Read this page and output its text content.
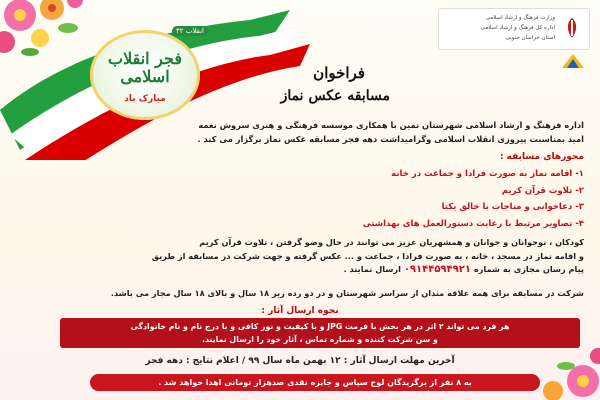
انقلاب ۴۲
فجر انقلاب اسلامی
مبارک باد
وزارت فرهنگ و ارشاد اسلامی
اداره کل فرهنگ و ارشاد اسلامی
استان خراسان جنوبی
فراخوان
مسابقه عکس نماز
اداره فرهنگ و ارشاد اسلامی شهرستان نمین با همکاری موسسه فرهنگی و هنری سروش نغمه
امید بمناسبت پیروزی انقلاب اسلامی وگرامیداشت دهه فجر مسابقه عکس نماز برگزار می کند .
محورهای مسابقه :
۱- اقامه نماز به صورت فرادا و جماعت در خانه
۲- تلاوت قرآن کریم
۳- دعاخوانی و مناجات با خالق یکتا
۴- تصاویر مرتبط با رعایت دستورالعمل های بهداشتی
کودکان ، نوجوانان و جوانان و همشهریان عزیز می توانند در حال وضو گرفتن ، تلاوت قرآن کریم
و اقامه نماز در مسجد ، خانه ، به صورت فرادا ، جماعت و ... عکس گرفته و جهت شرکت در مسابقه از طریق
پیام رسان مجازی به شماره ۰۹۱۴۴۵۹۴۹۲۱ ارسال نمایند .
شرکت در مسابقه برای همه علاقه مندان از سراسر شهرستان و در دو رده زیر ۱۸ سال و بالای ۱۸ سال مجاز می باشد.
نحوه ارسال آثار :
هر فرد می تواند ۲ اثر در هر بخش با فرمت JPG و با کیفیت و نور کافی و با درج نام و نام خانوادگی
و سن شرکت کننده و شماره تماس ، آثار خود را ارسال نمایند.
آخرین مهلت ارسال آثار : ۱۲ بهمن ماه سال ۹۹ / اعلام نتایج : دهه فجر
به ۸ نفر از برگزیدگان لوح سپاس و جایزه نقدی صدهزار تومانی اهدا خواهد شد .
